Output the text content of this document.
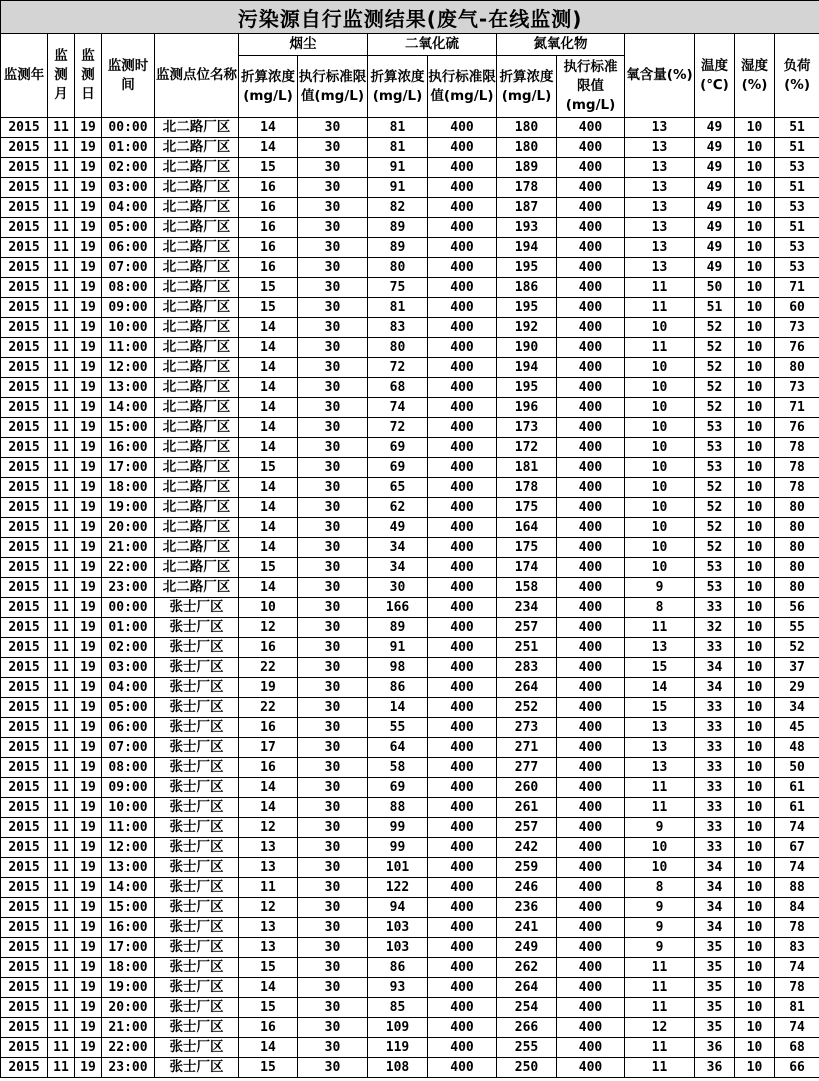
污染源自行监测结果(废气-在线监测)														
监测年	监测月	监测日	监测时间	监测点位名称	烟尘		二氧化硫		氮氧化物		氧含量(%)	温度(℃)	湿度(%)	负荷(%)
					折算浓度(mg/L)	执行标准限值(mg/L)	折算浓度(mg/L)	执行标准限值(mg/L)	折算浓度(mg/L)	执行标准限值(mg/L)				
2015	11	19	00:00	北二路厂区	14	30	81	400	180	400	13	49	10	51
2015	11	19	01:00	北二路厂区	14	30	81	400	180	400	13	49	10	51
2015	11	19	02:00	北二路厂区	15	30	91	400	189	400	13	49	10	53
2015	11	19	03:00	北二路厂区	16	30	91	400	178	400	13	49	10	51
2015	11	19	04:00	北二路厂区	16	30	82	400	187	400	13	49	10	53
2015	11	19	05:00	北二路厂区	16	30	89	400	193	400	13	49	10	51
2015	11	19	06:00	北二路厂区	16	30	89	400	194	400	13	49	10	53
2015	11	19	07:00	北二路厂区	16	30	80	400	195	400	13	49	10	53
2015	11	19	08:00	北二路厂区	15	30	75	400	186	400	11	50	10	71
2015	11	19	09:00	北二路厂区	15	30	81	400	195	400	11	51	10	60
2015	11	19	10:00	北二路厂区	14	30	83	400	192	400	10	52	10	73
2015	11	19	11:00	北二路厂区	14	30	80	400	190	400	11	52	10	76
2015	11	19	12:00	北二路厂区	14	30	72	400	194	400	10	52	10	80
2015	11	19	13:00	北二路厂区	14	30	68	400	195	400	10	52	10	73
2015	11	19	14:00	北二路厂区	14	30	74	400	196	400	10	52	10	71
2015	11	19	15:00	北二路厂区	14	30	72	400	173	400	10	53	10	76
2015	11	19	16:00	北二路厂区	14	30	69	400	172	400	10	53	10	78
2015	11	19	17:00	北二路厂区	15	30	69	400	181	400	10	53	10	78
2015	11	19	18:00	北二路厂区	14	30	65	400	178	400	10	52	10	78
2015	11	19	19:00	北二路厂区	14	30	62	400	175	400	10	52	10	80
2015	11	19	20:00	北二路厂区	14	30	49	400	164	400	10	52	10	80
2015	11	19	21:00	北二路厂区	14	30	34	400	175	400	10	52	10	80
2015	11	19	22:00	北二路厂区	15	30	34	400	174	400	10	53	10	80
2015	11	19	23:00	北二路厂区	14	30	30	400	158	400	9	53	10	80
2015	11	19	00:00	张士厂区	10	30	166	400	234	400	8	33	10	56
2015	11	19	01:00	张士厂区	12	30	89	400	257	400	11	32	10	55
2015	11	19	02:00	张士厂区	16	30	91	400	251	400	13	33	10	52
2015	11	19	03:00	张士厂区	22	30	98	400	283	400	15	34	10	37
2015	11	19	04:00	张士厂区	19	30	86	400	264	400	14	34	10	29
2015	11	19	05:00	张士厂区	22	30	14	400	252	400	15	33	10	34
2015	11	19	06:00	张士厂区	16	30	55	400	273	400	13	33	10	45
2015	11	19	07:00	张士厂区	17	30	64	400	271	400	13	33	10	48
2015	11	19	08:00	张士厂区	16	30	58	400	277	400	13	33	10	50
2015	11	19	09:00	张士厂区	14	30	69	400	260	400	11	33	10	61
2015	11	19	10:00	张士厂区	14	30	88	400	261	400	11	33	10	61
2015	11	19	11:00	张士厂区	12	30	99	400	257	400	9	33	10	74
2015	11	19	12:00	张士厂区	13	30	99	400	242	400	10	33	10	67
2015	11	19	13:00	张士厂区	13	30	101	400	259	400	10	34	10	74
2015	11	19	14:00	张士厂区	11	30	122	400	246	400	8	34	10	88
2015	11	19	15:00	张士厂区	12	30	94	400	236	400	9	34	10	84
2015	11	19	16:00	张士厂区	13	30	103	400	241	400	9	34	10	78
2015	11	19	17:00	张士厂区	13	30	103	400	249	400	9	35	10	83
2015	11	19	18:00	张士厂区	15	30	86	400	262	400	11	35	10	74
2015	11	19	19:00	张士厂区	14	30	93	400	264	400	11	35	10	78
2015	11	19	20:00	张士厂区	15	30	85	400	254	400	11	35	10	81
2015	11	19	21:00	张士厂区	16	30	109	400	266	400	12	35	10	74
2015	11	19	22:00	张士厂区	14	30	119	400	255	400	11	36	10	68
2015	11	19	23:00	张士厂区	15	30	108	400	250	400	11	36	10	66
